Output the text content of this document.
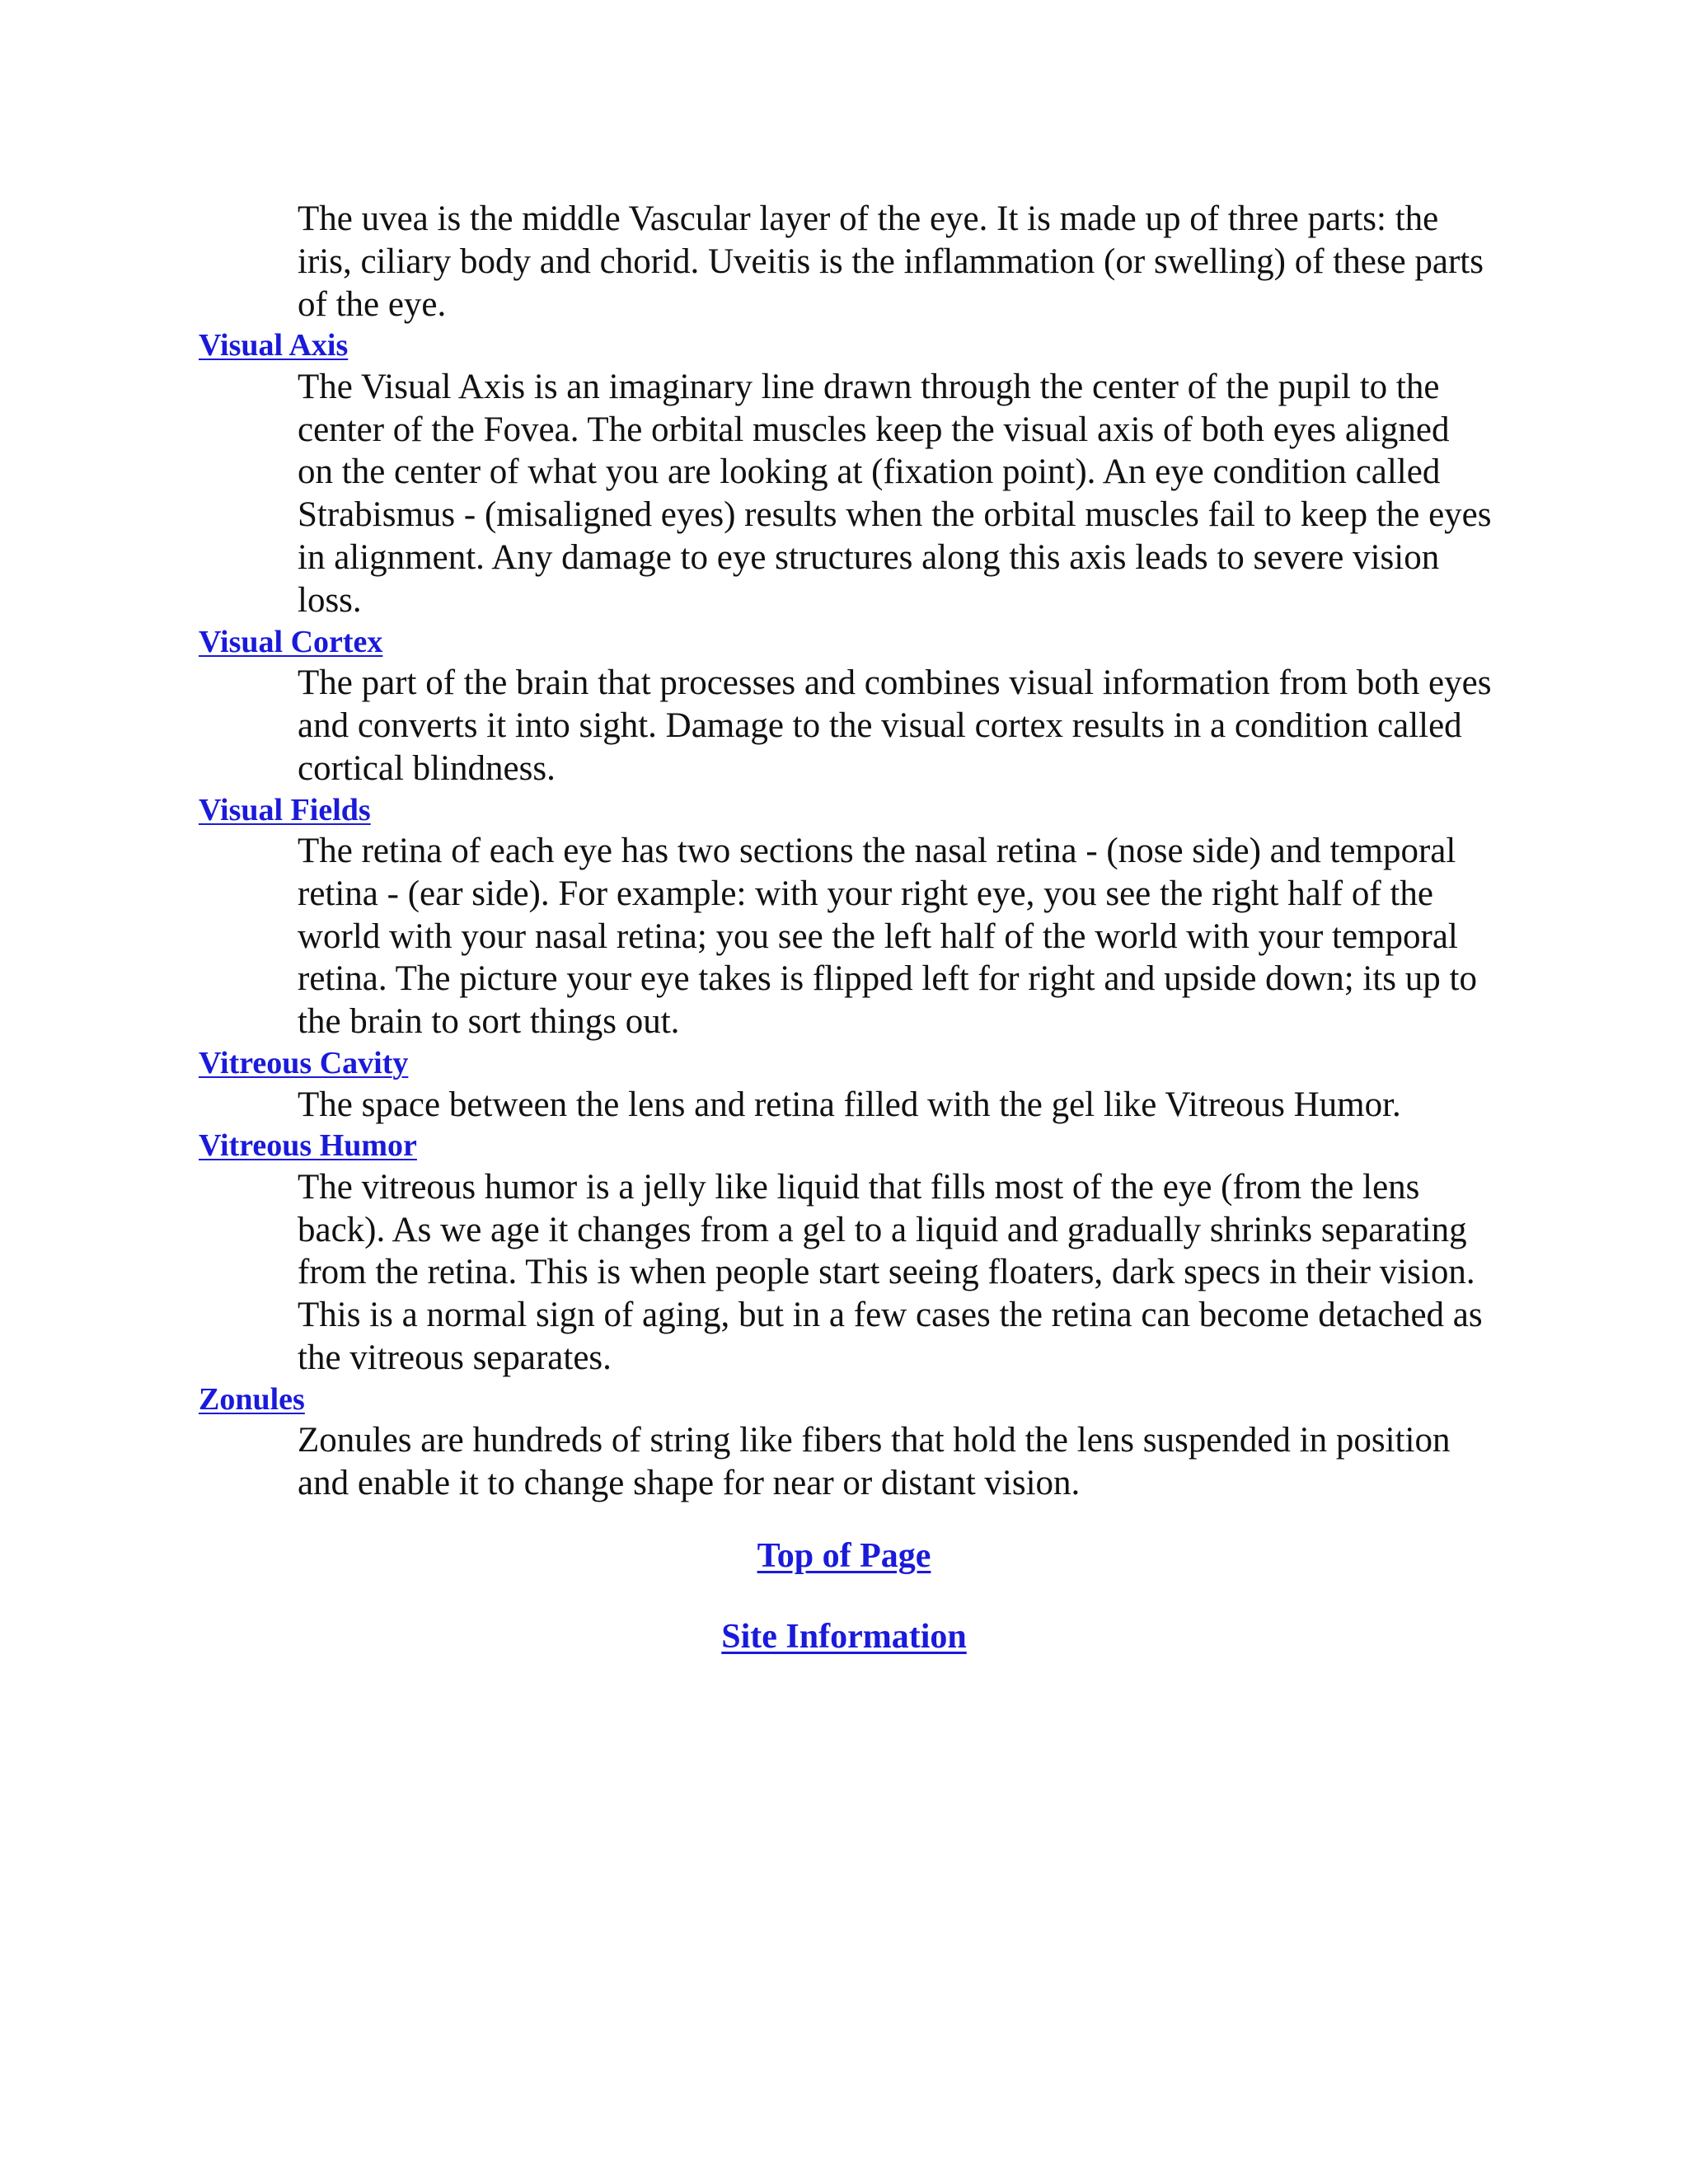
The uvea is the middle Vascular layer of the eye. It is made up of three parts: the iris, ciliary body and chorid. Uveitis is the inflammation (or swelling) of these parts of the eye.

Visual Axis

The Visual Axis is an imaginary line drawn through the center of the pupil to the center of the Fovea. The orbital muscles keep the visual axis of both eyes aligned on the center of what you are looking at (fixation point). An eye condition called Strabismus - (misaligned eyes) results when the orbital muscles fail to keep the eyes in alignment. Any damage to eye structures along this axis leads to severe vision loss.

Visual Cortex

The part of the brain that processes and combines visual information from both eyes and converts it into sight. Damage to the visual cortex results in a condition called cortical blindness.

Visual Fields

The retina of each eye has two sections the nasal retina - (nose side) and temporal retina - (ear side). For example: with your right eye, you see the right half of the world with your nasal retina; you see the left half of the world with your temporal retina. The picture your eye takes is flipped left for right and upside down; its up to the brain to sort things out.

Vitreous Cavity

The space between the lens and retina filled with the gel like Vitreous Humor.

Vitreous Humor

The vitreous humor is a jelly like liquid that fills most of the eye (from the lens back). As we age it changes from a gel to a liquid and gradually shrinks separating from the retina. This is when people start seeing floaters, dark specs in their vision. This is a normal sign of aging, but in a few cases the retina can become detached as the vitreous separates.

Zonules

Zonules are hundreds of string like fibers that hold the lens suspended in position and enable it to change shape for near or distant vision.

Top of Page
Site Information
